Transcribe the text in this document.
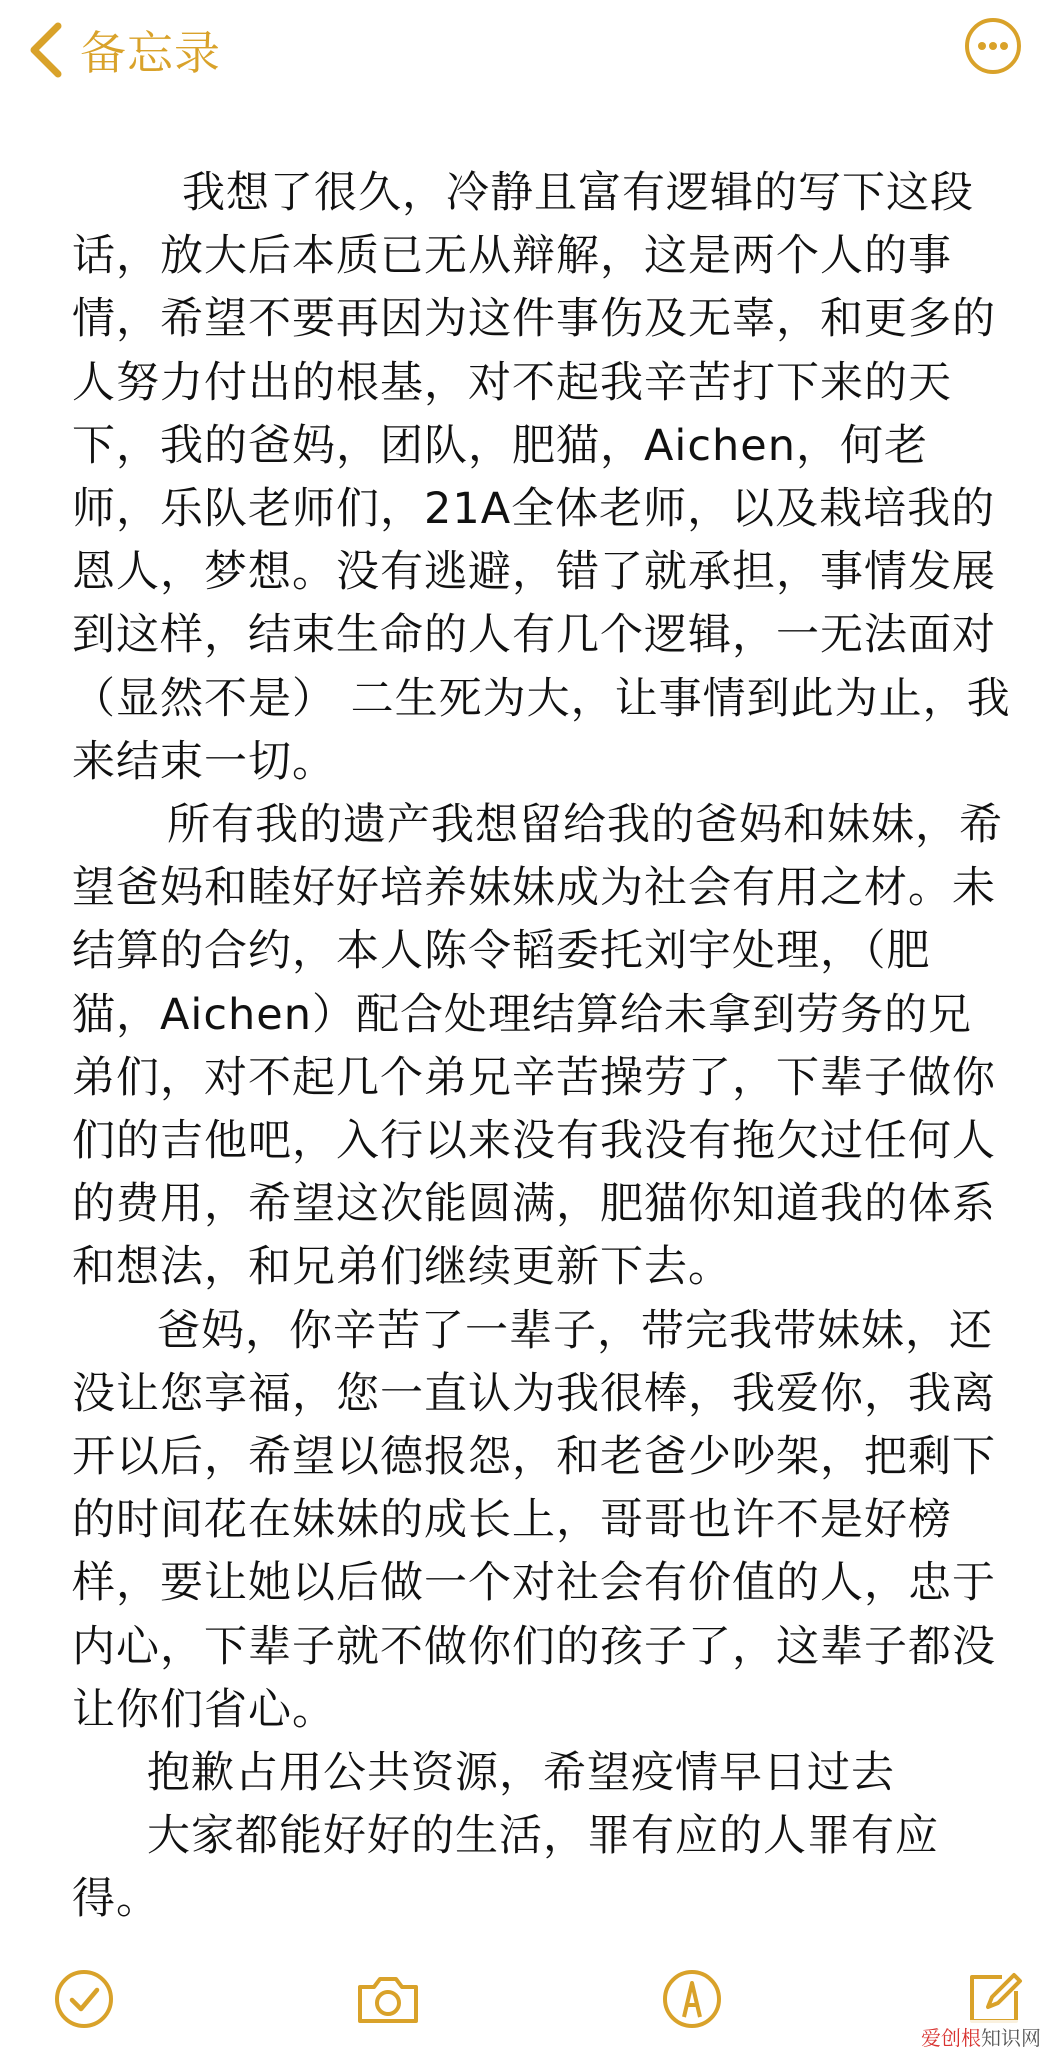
备忘录

我想了很久，冷静且富有逻辑的写下这段话，放大后本质已无从辩解，这是两个人的事情，希望不要再因为这件事伤及无辜，和更多的人努力付出的根基，对不起我辛苦打下来的天下，我的爸妈，团队，肥猫，Aichen，何老师，乐队老师们，21A全体老师，以及栽培我的恩人，梦想。没有逃避，错了就承担，事情发展到这样，结束生命的人有几个逻辑，一无法面对（显然不是） 二生死为大，让事情到此为止，我来结束一切。

所有我的遗产我想留给我的爸妈和妹妹，希望爸妈和睦好好培养妹妹成为社会有用之材。未结算的合约，本人陈令韬委托刘宇处理，（肥猫，Aichen）配合处理结算给未拿到劳务的兄弟们，对不起几个弟兄辛苦操劳了，下辈子做你们的吉他吧，入行以来没有我没有拖欠过任何人的费用，希望这次能圆满，肥猫你知道我的体系和想法，和兄弟们继续更新下去。

爸妈，你辛苦了一辈子，带完我带妹妹，还没让您享福，您一直认为我很棒，我爱你，我离开以后，希望以德报怨，和老爸少吵架，把剩下的时间花在妹妹的成长上，哥哥也许不是好榜样，要让她以后做一个对社会有价值的人，忠于内心，下辈子就不做你们的孩子了，这辈子都没让你们省心。

抱歉占用公共资源，希望疫情早日过去

大家都能好好的生活，罪有应的人罪有应得。

爱创根知识网
